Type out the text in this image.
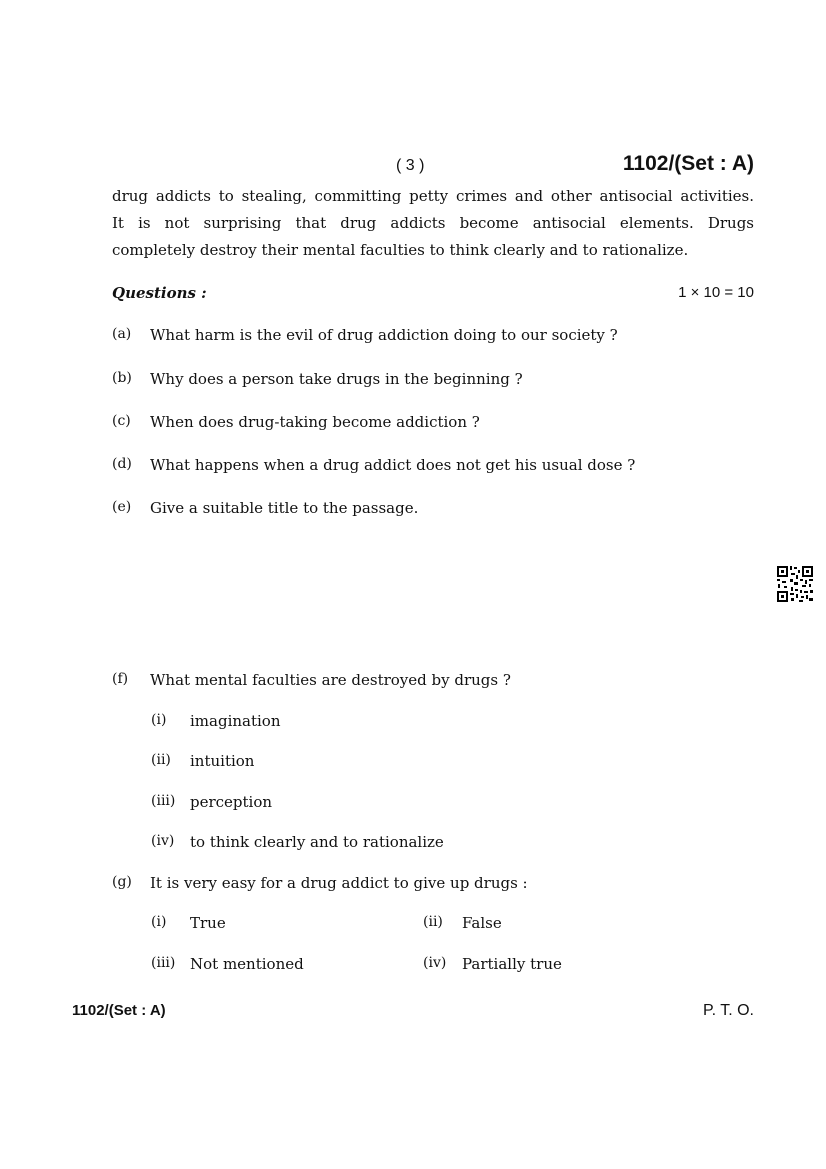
( 3 )	1102/(Set : A)
drug addicts to stealing, committing petty crimes and other antisocial activities.
It is not surprising that drug addicts become antisocial elements. Drugs
completely destroy their mental faculties to think clearly and to rationalize.
Questions :	1 × 10 = 10
(a)	What harm is the evil of drug addiction doing to our society ?
(b)	Why does a person take drugs in the beginning ?
(c)	When does drug-taking become addiction ?
(d)	What happens when a drug addict does not get his usual dose ?
(e)	Give a suitable title to the passage.
(f)	What mental faculties are destroyed by drugs ?
(i)	imagination
(ii)	intuition
(iii) perception
(iv)	to think clearly and to rationalize
(g)	It is very easy for a drug addict to give up drugs :
(i)	True	(ii)	False
(iii) Not mentioned	(iv)	Partially true
1102/(Set : A)	P. T. O.
